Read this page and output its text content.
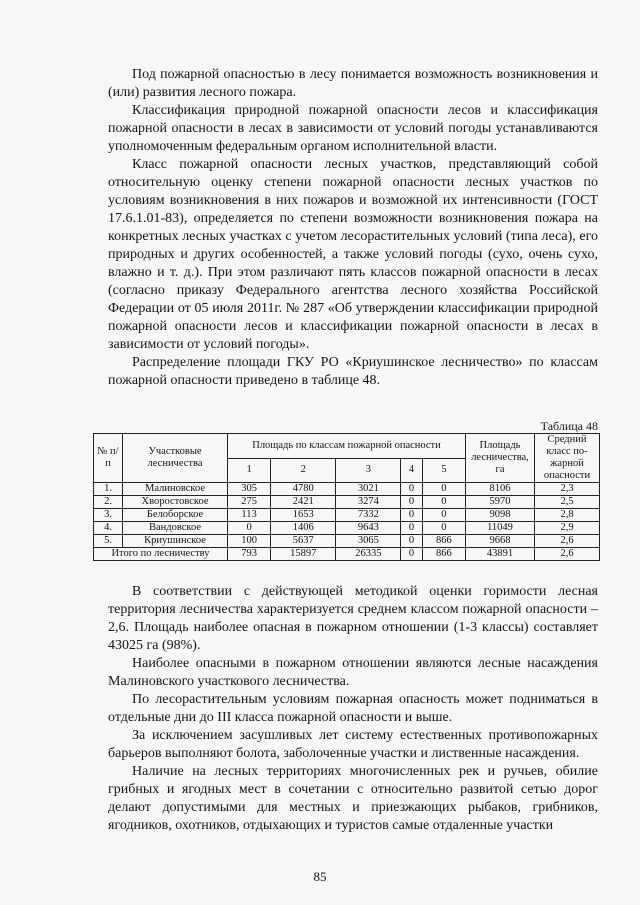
Под пожарной опасностью в лесу понимается возможность возникновения и (или) развития лесного пожара.

Классификация природной пожарной опасности лесов и классификация пожарной опасности в лесах в зависимости от условий погоды устанавливаются уполномоченным федеральным органом исполнительной власти.

Класс пожарной опасности лесных участков, представляющий собой относительную оценку степени пожарной опасности лесных участков по условиям возникновения в них пожаров и возможной их интенсивности (ГОСТ 17.6.1.01-83), определяется по степени возможности возникновения пожара на конкретных лесных участках с учетом лесорастительных условий (типа леса), его природных и других особенностей, а также условий погоды (сухо, очень сухо, влажно и т. д.). При этом различают пять классов пожарной опасности в лесах (согласно приказу Федерального агентства лесного хозяйства Российской Федерации от 05 июля 2011г. № 287 «Об утверждении классификации природной пожарной опасности лесов и классификации пожарной опасности в лесах в зависимости от условий погоды».

Распределение площади ГКУ РО «Криушинское лесничество» по классам пожарной опасности приведено в таблице 48.

Таблица 48
№ п/п	Участковые лесничества	Площадь по классам пожарной опасности					Площадь лесничества, га	Средний класс по-жарной опасности
		1	2	3	4	5		
1.	Малиновское	305	4780	3021	0	0	8106	2,3
2.	Хворостовское	275	2421	3274	0	0	5970	2,5
3.	Белоборское	113	1653	7332	0	0	9098	2,8
4.	Вандовское	0	1406	9643	0	0	11049	2,9
5.	Криушинское	100	5637	3065	0	866	9668	2,6
Итого по лесничеству		793	15897	26335	0	866	43891	2,6

В соответствии с действующей методикой оценки горимости лесная территория лесничества характеризуется среднем классом пожарной опасности – 2,6. Площадь наиболее опасная в пожарном отношении (1-3 классы) составляет 43025 га (98%).

Наиболее опасными в пожарном отношении являются лесные насаждения Малиновского участкового лесничества.

По лесорастительным условиям пожарная опасность может подниматься в отдельные дни до III класса пожарной опасности и выше.

За исключением засушливых лет систему естественных противопожарных барьеров выполняют болота, заболоченные участки и лиственные насаждения.

Наличие на лесных территориях многочисленных рек и ручьев, обилие грибных и ягодных мест в сочетании с относительно развитой сетью дорог делают допустимыми для местных и приезжающих рыбаков, грибников, ягодников, охотников, отдыхающих и туристов самые отдаленные участки

85
